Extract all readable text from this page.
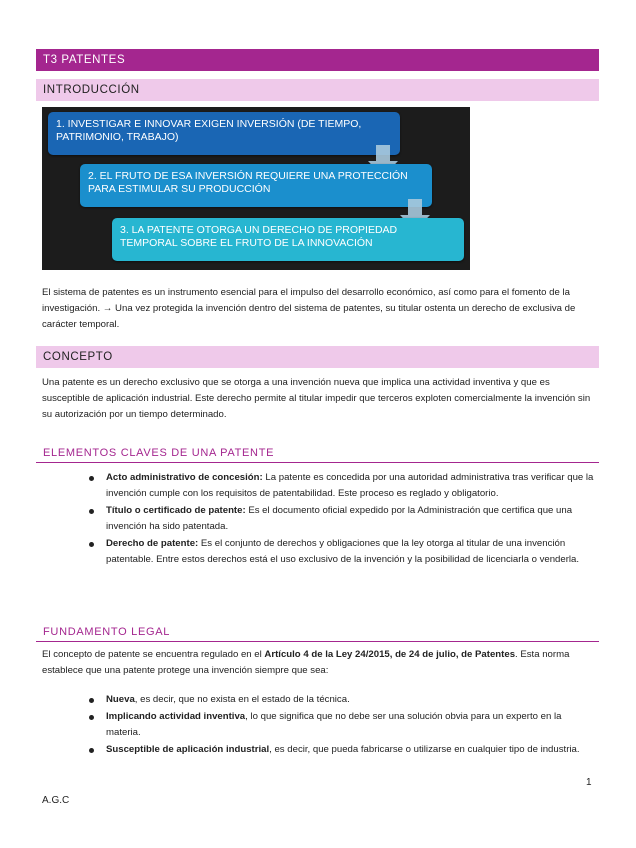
T3 PATENTES
INTRODUCCIÓN
1. INVESTIGAR E INNOVAR EXIGEN INVERSIÓN (DE TIEMPO, PATRIMONIO, TRABAJO)
2. EL FRUTO DE ESA INVERSIÓN REQUIERE UNA PROTECCIÓN PARA ESTIMULAR SU PRODUCCIÓN
3. LA PATENTE OTORGA UN DERECHO DE PROPIEDAD TEMPORAL SOBRE EL FRUTO DE LA INNOVACIÓN

El sistema de patentes es un instrumento esencial para el impulso del desarrollo económico, así como para el fomento de la investigación. → Una vez protegida la invención dentro del sistema de patentes, su titular ostenta un derecho de exclusiva de carácter temporal.

CONCEPTO

Una patente es un derecho exclusivo que se otorga a una invención nueva que implica una actividad inventiva y que es susceptible de aplicación industrial. Este derecho permite al titular impedir que terceros exploten comercialmente la invención sin su autorización por un tiempo determinado.

ELEMENTOS CLAVES DE UNA PATENTE
Acto administrativo de concesión: La patente es concedida por una autoridad administrativa tras verificar que la invención cumple con los requisitos de patentabilidad. Este proceso es reglado y obligatorio.
Título o certificado de patente: Es el documento oficial expedido por la Administración que certifica que una invención ha sido patentada.
Derecho de patente: Es el conjunto de derechos y obligaciones que la ley otorga al titular de una invención patentable. Entre estos derechos está el uso exclusivo de la invención y la posibilidad de licenciarla o venderla.
FUNDAMENTO LEGAL

El concepto de patente se encuentra regulado en el Artículo 4 de la Ley 24/2015, de 24 de julio, de Patentes. Esta norma establece que una patente protege una invención siempre que sea:

Nueva, es decir, que no exista en el estado de la técnica.
Implicando actividad inventiva, lo que significa que no debe ser una solución obvia para un experto en la materia.
Susceptible de aplicación industrial, es decir, que pueda fabricarse o utilizarse en cualquier tipo de industria.
1
A.G.C
